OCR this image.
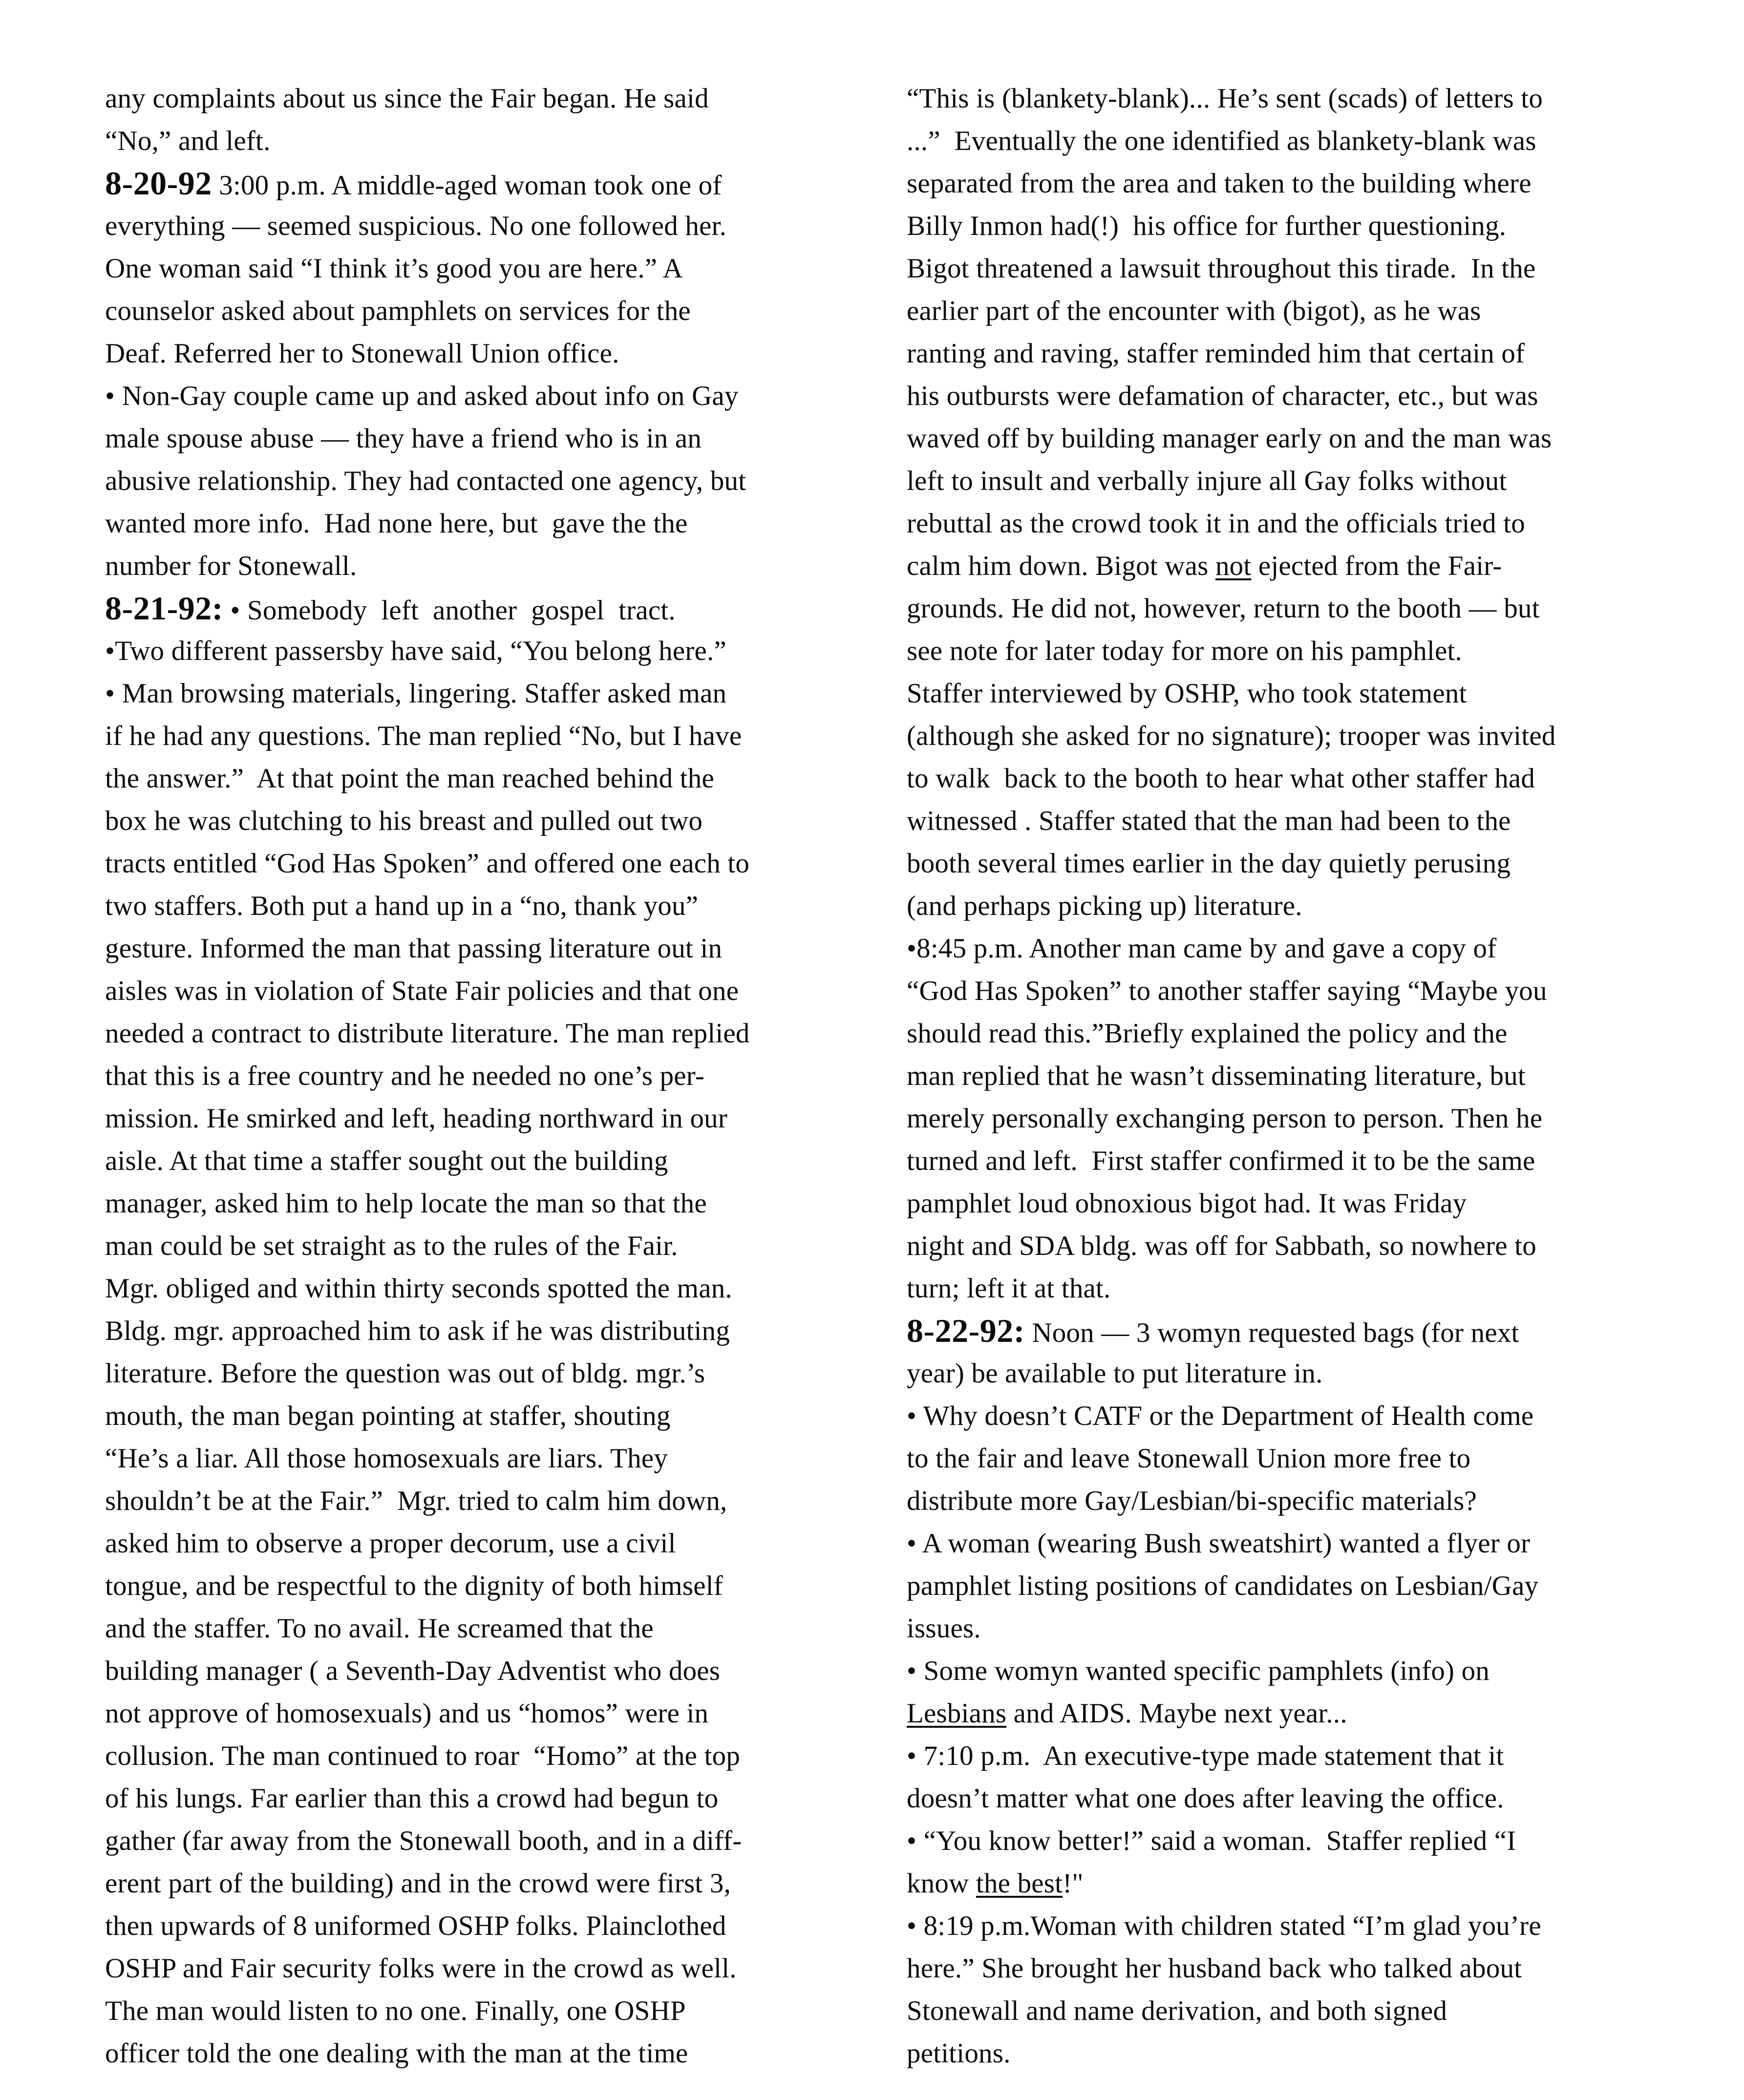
any complaints about us since the Fair began. He said
“No,” and left.
8-20-92 3:00 p.m. A middle-aged woman took one of
everything — seemed suspicious. No one followed her.
One woman said “I think it’s good you are here.” A
counselor asked about pamphlets on services for the
Deaf. Referred her to Stonewall Union office.
• Non-Gay couple came up and asked about info on Gay
male spouse abuse — they have a friend who is in an
abusive relationship. They had contacted one agency, but
wanted more info.  Had none here, but  gave the the
number for Stonewall.
8-21-92: • Somebody  left  another  gospel  tract.
•Two different passersby have said, “You belong here.”
• Man browsing materials, lingering. Staffer asked man
if he had any questions. The man replied “No, but I have
the answer.”  At that point the man reached behind the
box he was clutching to his breast and pulled out two
tracts entitled “God Has Spoken” and offered one each to
two staffers. Both put a hand up in a “no, thank you”
gesture. Informed the man that passing literature out in
aisles was in violation of State Fair policies and that one
needed a contract to distribute literature. The man replied
that this is a free country and he needed no one’s per-
mission. He smirked and left, heading northward in our
aisle. At that time a staffer sought out the building
manager, asked him to help locate the man so that the
man could be set straight as to the rules of the Fair.
Mgr. obliged and within thirty seconds spotted the man.
Bldg. mgr. approached him to ask if he was distributing
literature. Before the question was out of bldg. mgr.’s
mouth, the man began pointing at staffer, shouting
“He’s a liar. All those homosexuals are liars. They
shouldn’t be at the Fair.”  Mgr. tried to calm him down,
asked him to observe a proper decorum, use a civil
tongue, and be respectful to the dignity of both himself
and the staffer. To no avail. He screamed that the
building manager ( a Seventh-Day Adventist who does
not approve of homosexuals) and us “homos” were in
collusion. The man continued to roar  “Homo” at the top
of his lungs. Far earlier than this a crowd had begun to
gather (far away from the Stonewall booth, and in a diff-
erent part of the building) and in the crowd were first 3,
then upwards of 8 uniformed OSHP folks. Plainclothed
OSHP and Fair security folks were in the crowd as well.
The man would listen to no one. Finally, one OSHP
officer told the one dealing with the man at the time
“This is (blankety-blank)... He’s sent (scads) of letters to
...”  Eventually the one identified as blankety-blank was
separated from the area and taken to the building where
Billy Inmon had(!)  his office for further questioning.
Bigot threatened a lawsuit throughout this tirade.  In the
earlier part of the encounter with (bigot), as he was
ranting and raving, staffer reminded him that certain of
his outbursts were defamation of character, etc., but was
waved off by building manager early on and the man was
left to insult and verbally injure all Gay folks without
rebuttal as the crowd took it in and the officials tried to
calm him down. Bigot was not ejected from the Fair-
grounds. He did not, however, return to the booth — but
see note for later today for more on his pamphlet.
Staffer interviewed by OSHP, who took statement
(although she asked for no signature); trooper was invited
to walk  back to the booth to hear what other staffer had
witnessed . Staffer stated that the man had been to the
booth several times earlier in the day quietly perusing
(and perhaps picking up) literature.
•8:45 p.m. Another man came by and gave a copy of
“God Has Spoken” to another staffer saying “Maybe you
should read this.”Briefly explained the policy and the
man replied that he wasn’t disseminating literature, but
merely personally exchanging person to person. Then he
turned and left.  First staffer confirmed it to be the same
pamphlet loud obnoxious bigot had. It was Friday
night and SDA bldg. was off for Sabbath, so nowhere to
turn; left it at that.
8-22-92: Noon — 3 womyn requested bags (for next
year) be available to put literature in.
• Why doesn’t CATF or the Department of Health come
to the fair and leave Stonewall Union more free to
distribute more Gay/Lesbian/bi-specific materials?
• A woman (wearing Bush sweatshirt) wanted a flyer or
pamphlet listing positions of candidates on Lesbian/Gay
issues.
• Some womyn wanted specific pamphlets (info) on
Lesbians and AIDS. Maybe next year...
• 7:10 p.m.  An executive-type made statement that it
doesn’t matter what one does after leaving the office.
• “You know better!” said a woman.  Staffer replied “I
know the best!"
• 8:19 p.m.Woman with children stated “I’m glad you’re
here.” She brought her husband back who talked about
Stonewall and name derivation, and both signed
petitions.
